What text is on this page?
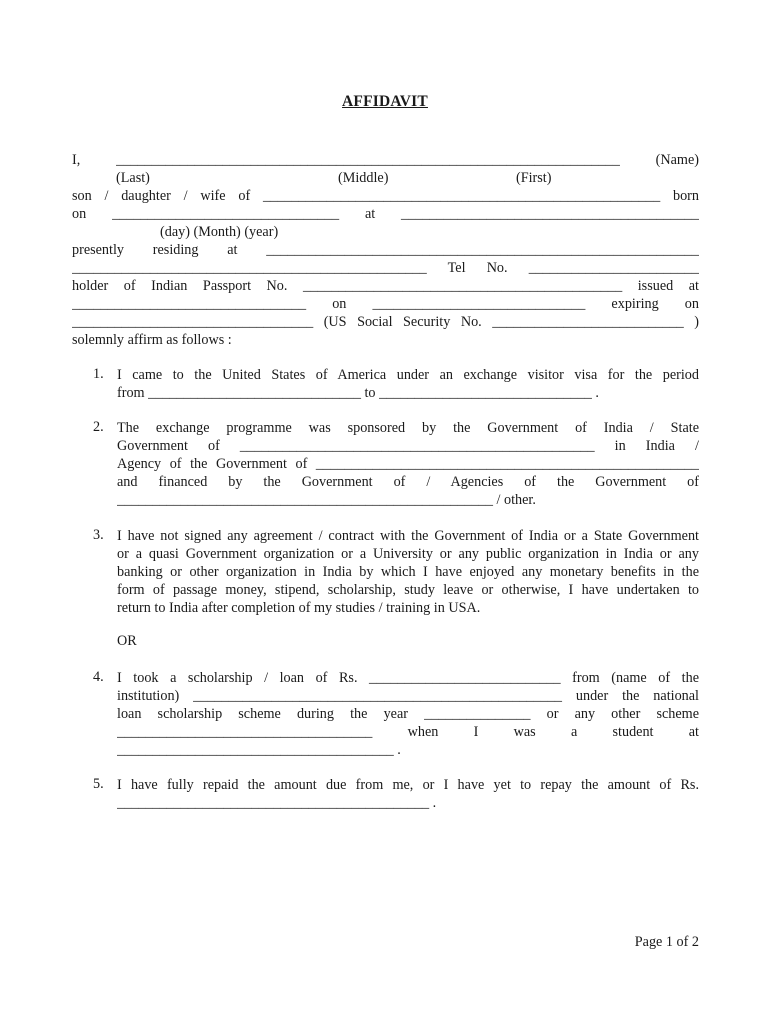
AFFIDAVIT
I, _______________________________________________________________________ (Name)
(Last)	(Middle)	(First)
son / daughter / wife of ________________________________________________________ born
on ________________________________ at __________________________________________
(day) (Month) (year)
presently residing at _____________________________________________________________
__________________________________________________ Tel No. ________________________
holder of Indian Passport No. _____________________________________________ issued at
_________________________________ on ______________________________ expiring on
__________________________________ (US Social Security No. ___________________________ )
solemnly affirm as follows :
1. I came to the United States of America under an exchange visitor visa for the period
from ______________________________ to ______________________________ .
2. The exchange programme was sponsored by the Government of India / State
Government of __________________________________________________ in India /
Agency of the Government of ______________________________________________________
and financed by the Government of / Agencies of the Government of
_____________________________________________________ / other.
3. I have not signed any agreement / contract with the Government of India or a State Government
or a quasi Government organization or a University or any public organization in India or any
banking or other organization in India by which I have enjoyed any monetary benefits in the
form of passage money, stipend, scholarship, study leave or otherwise, I have undertaken to
return to India after completion of my studies / training in USA.
OR
4. I took a scholarship / loan of Rs. ___________________________ from (name of the
institution) ____________________________________________________ under the national
loan scholarship scheme during the year _______________ or any other scheme
____________________________________ when I was a student at
_______________________________________ .
5. I have fully repaid the amount due from me, or I have yet to repay the amount of Rs.
____________________________________________ .
Page 1 of 2
